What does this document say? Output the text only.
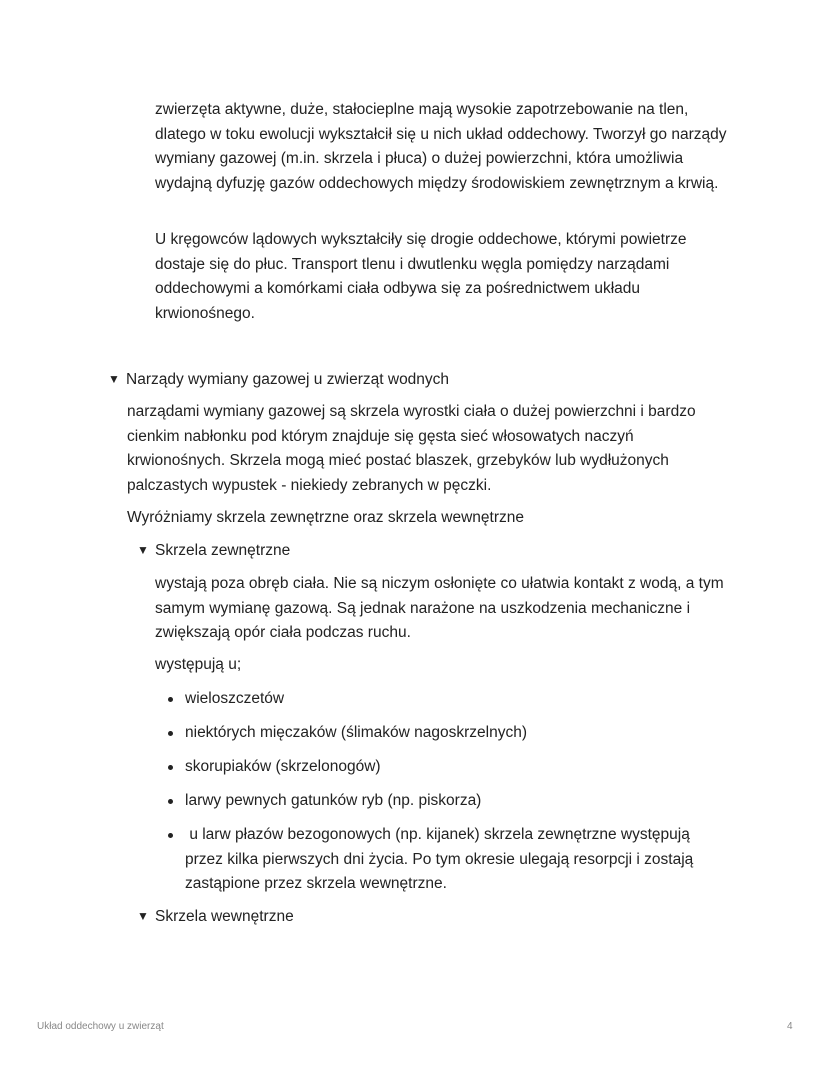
zwierzęta aktywne, duże, stałocieplne mają wysokie zapotrzebowanie na tlen, dlatego w toku ewolucji wykształcił się u nich układ oddechowy. Tworzył go narządy wymiany gazowej (m.in. skrzela i płuca) o dużej powierzchni, która umożliwia wydajną dyfuzję gazów oddechowych między środowiskiem zewnętrznym a krwią.

U kręgowców lądowych wykształciły się drogie oddechowe, którymi powietrze dostaje się do płuc. Transport tlenu i dwutlenku węgla pomiędzy narządami oddechowymi a komórkami ciała odbywa się za pośrednictwem układu krwionośnego.

▼ Narządy wymiany gazowej u zwierząt wodnych

narządami wymiany gazowej są skrzela wyrostki ciała o dużej powierzchni i bardzo cienkim nabłonku pod którym znajduje się gęsta sieć włosowatych naczyń krwionośnych. Skrzela mogą mieć postać blaszek, grzebyków lub wydłużonych palczastych wypustek - niekiedy zebranych w pęczki.

Wyróżniamy skrzela zewnętrzne oraz skrzela wewnętrzne

▼ Skrzela zewnętrzne

wystają poza obręb ciała. Nie są niczym osłonięte co ułatwia kontakt z wodą, a tym samym wymianę gazową. Są jednak narażone na uszkodzenia mechaniczne i zwiększają opór ciała podczas ruchu.

występują u;

wieloszczetów
niektórych mięczaków (ślimaków nagoskrzelnych)
skorupiaków (skrzelonogów)
larwy pewnych gatunków ryb (np. piskorza)
u larw płazów bezogonowych (np. kijanek) skrzela zewnętrzne występują przez kilka pierwszych dni życia. Po tym okresie ulegają resorpcji i zostają zastąpione przez skrzela wewnętrzne.
▼ Skrzela wewnętrzne
Układ oddechowy u zwierząt	4
